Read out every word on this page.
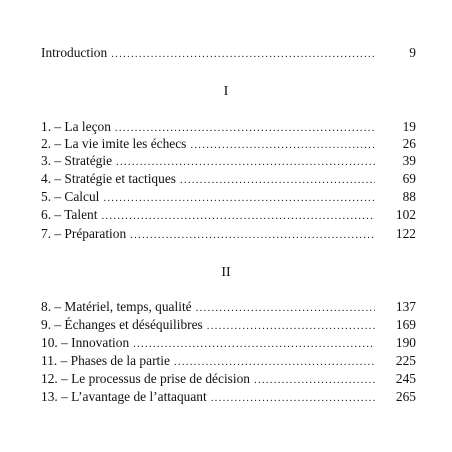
Introduction .....	9
I
1. – La leçon .....	19
2. – La vie imite les échecs .....	26
3. – Stratégie .....	39
4. – Stratégie et tactiques .....	69
5. – Calcul .....	88
6. – Talent .....	102
7. – Préparation .....	122
II
8. – Matériel, temps, qualité .....	137
9. – Échanges et déséquilibres .....	169
10. – Innovation .....	190
11. – Phases de la partie .....	225
12. – Le processus de prise de décision .....	245
13. – L’avantage de l’attaquant .....	265
